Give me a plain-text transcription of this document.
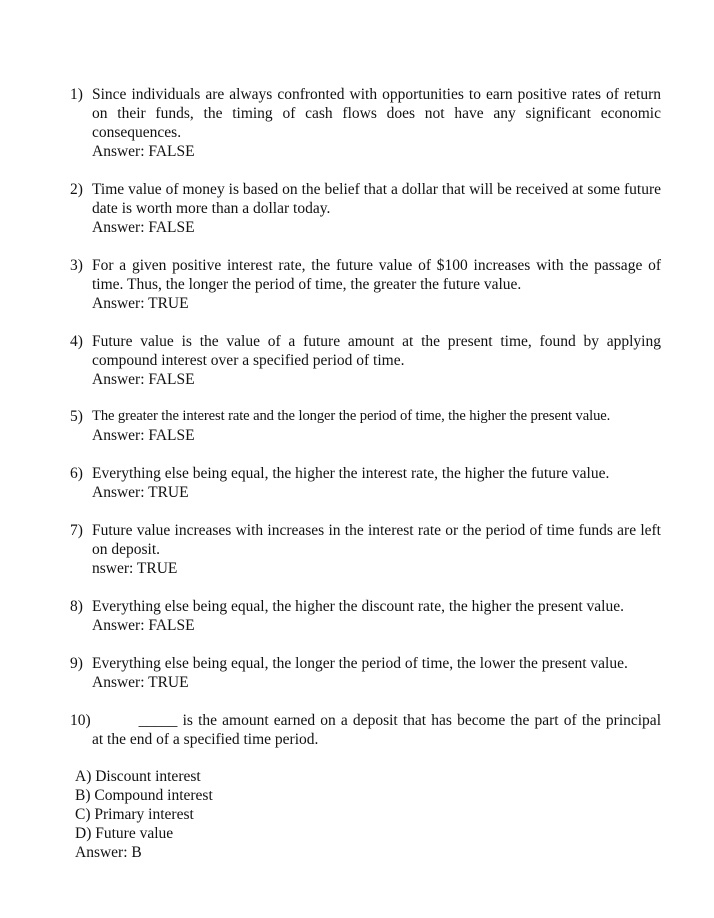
1) Since individuals are always confronted with opportunities to earn positive rates of return on their funds, the timing of cash flows does not have any significant economic consequences.
Answer: FALSE
2) Time value of money is based on the belief that a dollar that will be received at some future date is worth more than a dollar today.
Answer: FALSE
3) For a given positive interest rate, the future value of $100 increases with the passage of time. Thus, the longer the period of time, the greater the future value.
Answer: TRUE
4) Future value is the value of a future amount at the present time, found by applying compound interest over a specified period of time.
Answer: FALSE
5) The greater the interest rate and the longer the period of time, the higher the present value.
Answer: FALSE
6) Everything else being equal, the higher the interest rate, the higher the future value.
Answer: TRUE
7) Future value increases with increases in the interest rate or the period of time funds are left on deposit.
nswer: TRUE
8) Everything else being equal, the higher the discount rate, the higher the present value.
Answer: FALSE
9) Everything else being equal, the longer the period of time, the lower the present value.
Answer: TRUE
10)	_____ is the amount earned on a deposit that has become the part of the principal
at the end of a specified time period.
A) Discount interest
B) Compound interest
C) Primary interest
D) Future value
Answer: B
